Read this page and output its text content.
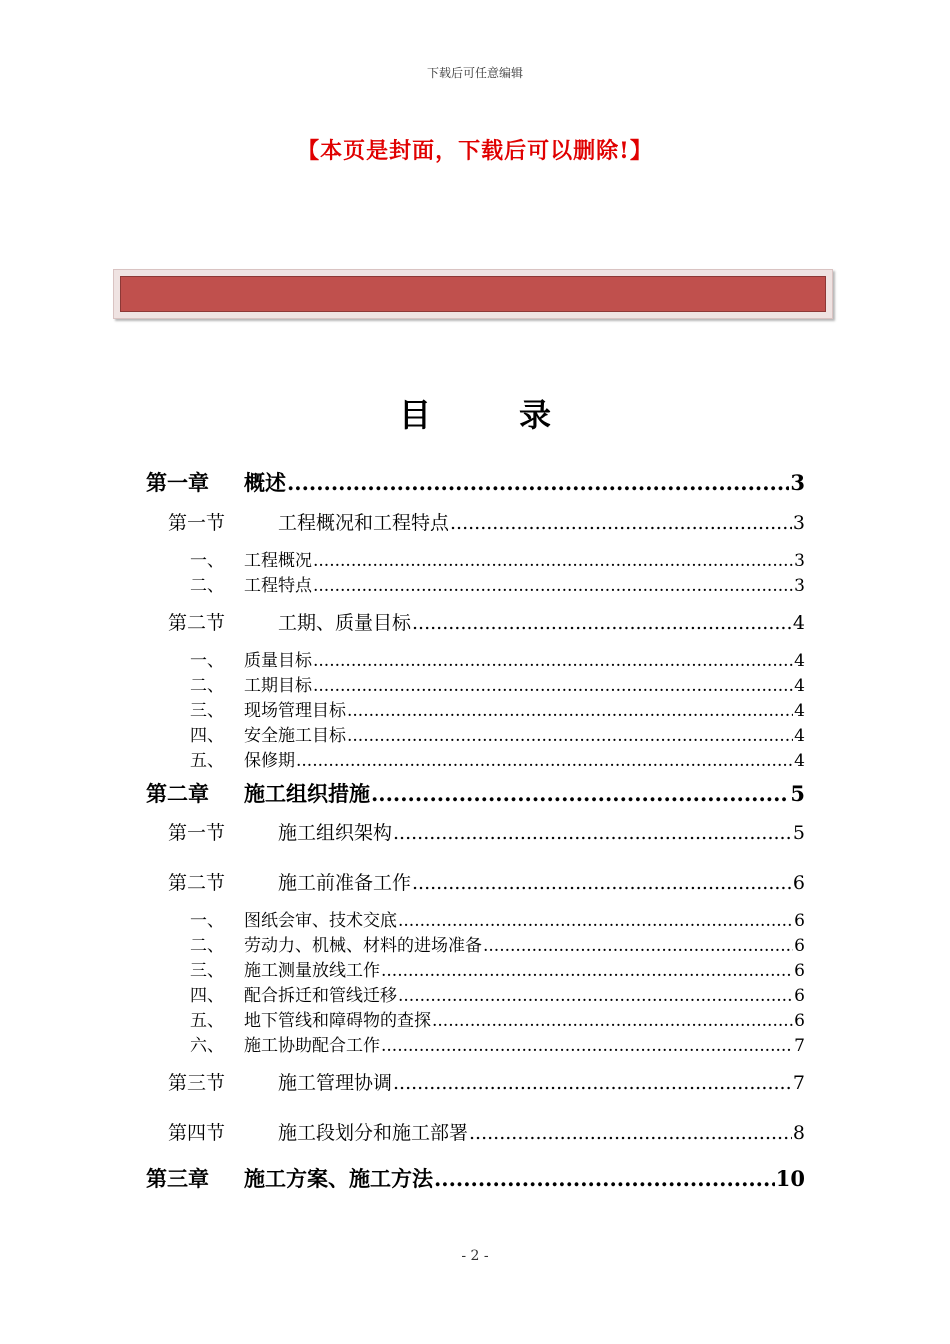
下载后可任意编辑
【本页是封面，下载后可以删除!】
目录
第一章 概述 .....	3
第一节	工程概况和工程特点 .....	3
一、 工程概况 .....	3
二、 工程特点 .....	3
第二节	工期、质量目标 .....	4
一、 质量目标 .....	4
二、 工期目标 .....	4
三、 现场管理目标 .....	4
四、 安全施工目标 .....	4
五、 保修期 .....	4
第二章 施工组织措施 .....	5
第一节	施工组织架构 .....	5
第二节	施工前准备工作 .....	6
一、 图纸会审、技术交底 .....	6
二、 劳动力、机械、材料的进场准备 .....	6
三、 施工测量放线工作 .....	6
四、 配合拆迁和管线迁移 .....	6
五、 地下管线和障碍物的查探 .....	6
六、 施工协助配合工作 .....	7
第三节	施工管理协调 .....	7
第四节	施工段划分和施工部署 .....	8
第三章 施工方案、施工方法 .....	10
- 2 -
